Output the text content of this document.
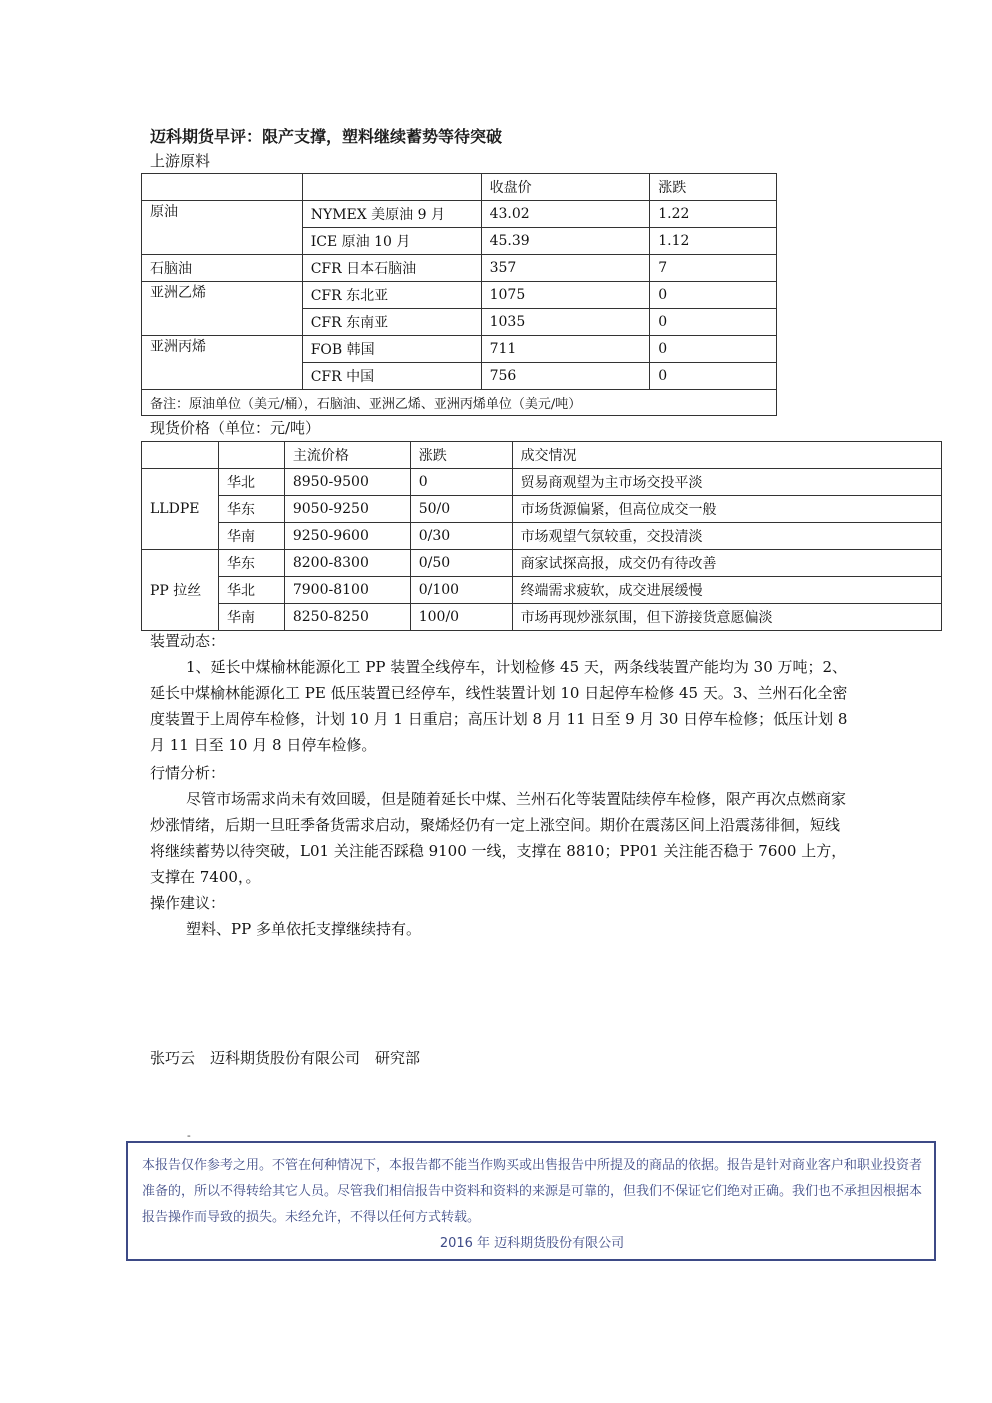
迈科期货早评：限产支撑，塑料继续蓄势等待突破
上游原料
		收盘价	涨跌
原油	NYMEX 美原油 9 月	43.02	1.22
	ICE 原油 10 月	45.39	1.12
石脑油	CFR 日本石脑油	357	7
亚洲乙烯	CFR 东北亚	1075	0
	CFR 东南亚	1035	0
亚洲丙烯	FOB 韩国	711	0
	CFR 中国	756	0
备注：原油单位（美元/桶），石脑油、亚洲乙烯、亚洲丙烯单位（美元/吨）			
现货价格（单位：元/吨）
		主流价格	涨跌	成交情况
LLDPE	华北	8950-9500	0	贸易商观望为主市场交投平淡
	华东	9050-9250	50/0	市场货源偏紧，但高位成交一般
	华南	9250-9600	0/30	市场观望气氛较重，交投清淡
PP 拉丝	华东	8200-8300	0/50	商家试探高报，成交仍有待改善
	华北	7900-8100	0/100	终端需求疲软，成交进展缓慢
	华南	8250-8250	100/0	市场再现炒涨氛围，但下游接货意愿偏淡
装置动态：
1、延长中煤榆林能源化工 PP 装置全线停车，计划检修 45 天，两条线装置产能均为 30 万吨；2、延长中煤榆林能源化工 PE 低压装置已经停车，线性装置计划 10 日起停车检修 45 天。3、兰州石化全密度装置于上周停车检修，计划 10 月 1 日重启；高压计划 8 月 11 日至 9 月 30 日停车检修；低压计划 8 月 11 日至 10 月 8 日停车检修。
行情分析：
尽管市场需求尚未有效回暖，但是随着延长中煤、兰州石化等装置陆续停车检修，限产再次点燃商家炒涨情绪，后期一旦旺季备货需求启动，聚烯烃仍有一定上涨空间。期价在震荡区间上沿震荡徘徊，短线将继续蓄势以待突破，L01 关注能否踩稳 9100 一线，支撑在 8810；PP01 关注能否稳于 7600 上方，支撑在 7400，。
操作建议：
塑料、PP 多单依托支撑继续持有。
张巧云　迈科期货股份有限公司　研究部
-
本报告仅作参考之用。不管在何种情况下，本报告都不能当作购买或出售报告中所提及的商品的依据。报告是针对商业客户和职业投资者准备的，所以不得转给其它人员。尽管我们相信报告中资料和资料的来源是可靠的，但我们不保证它们绝对正确。我们也不承担因根据本报告操作而导致的损失。未经允许，不得以任何方式转载。
2016 年 迈科期货股份有限公司
